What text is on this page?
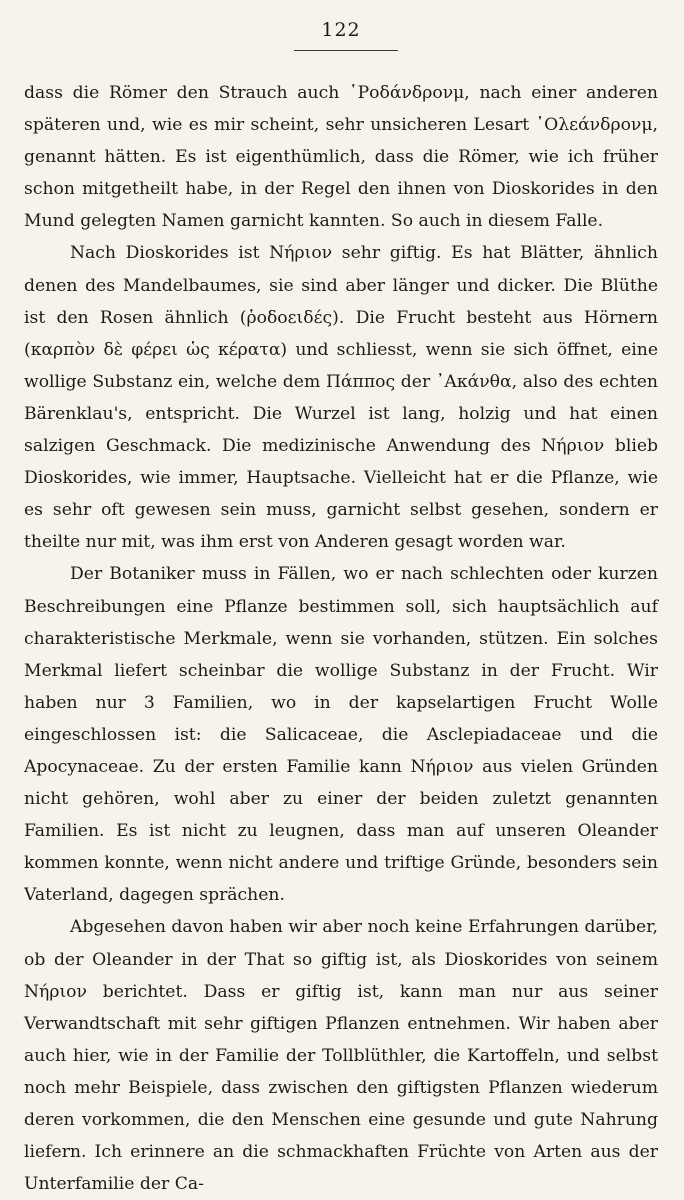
122

dass die Römer den Strauch auch ῾Ροδάνδρονμ, nach einer anderen späteren und, wie es mir scheint, sehr unsicheren Lesart ᾿Ολεάνδρονμ, genannt hätten. Es ist eigenthümlich, dass die Römer, wie ich früher schon mitgetheilt habe, in der Regel den ihnen von Dioskorides in den Mund gelegten Namen garnicht kannten. So auch in diesem Falle.

Nach Dioskorides ist Νήριον sehr giftig. Es hat Blätter, ähnlich denen des Mandelbaumes, sie sind aber länger und dicker. Die Blüthe ist den Rosen ähnlich (ῥοδοειδές). Die Frucht besteht aus Hörnern (καρπὸν δὲ φέρει ὡς κέρατα) und schliesst, wenn sie sich öffnet, eine wollige Substanz ein, welche dem Πάππος der ᾿Ακάνθα, also des echten Bärenklau's, entspricht. Die Wurzel ist lang, holzig und hat einen salzigen Geschmack. Die medizinische Anwendung des Νήριον blieb Dioskorides, wie immer, Hauptsache. Vielleicht hat er die Pflanze, wie es sehr oft gewesen sein muss, garnicht selbst gesehen, sondern er theilte nur mit, was ihm erst von Anderen gesagt worden war.

Der Botaniker muss in Fällen, wo er nach schlechten oder kurzen Beschreibungen eine Pflanze bestimmen soll, sich hauptsächlich auf charakteristische Merkmale, wenn sie vorhanden, stützen. Ein solches Merkmal liefert scheinbar die wollige Substanz in der Frucht. Wir haben nur 3 Familien, wo in der kapselartigen Frucht Wolle eingeschlossen ist: die Salicaceae, die Asclepiadaceae und die Apocynaceae. Zu der ersten Familie kann Νήριον aus vielen Gründen nicht gehören, wohl aber zu einer der beiden zuletzt genannten Familien. Es ist nicht zu leugnen, dass man auf unseren Oleander kommen konnte, wenn nicht andere und triftige Gründe, besonders sein Vaterland, dagegen sprächen.

Abgesehen davon haben wir aber noch keine Erfahrungen darüber, ob der Oleander in der That so giftig ist, als Dioskorides von seinem Νήριον berichtet. Dass er giftig ist, kann man nur aus seiner Verwandtschaft mit sehr giftigen Pflanzen entnehmen. Wir haben aber auch hier, wie in der Familie der Tollblüthler, die Kartoffeln, und selbst noch mehr Beispiele, dass zwischen den giftigsten Pflanzen wiederum deren vorkommen, die den Menschen eine gesunde und gute Nahrung liefern. Ich erinnere an die schmackhaften Früchte von Arten aus der Unterfamilie der Ca-
